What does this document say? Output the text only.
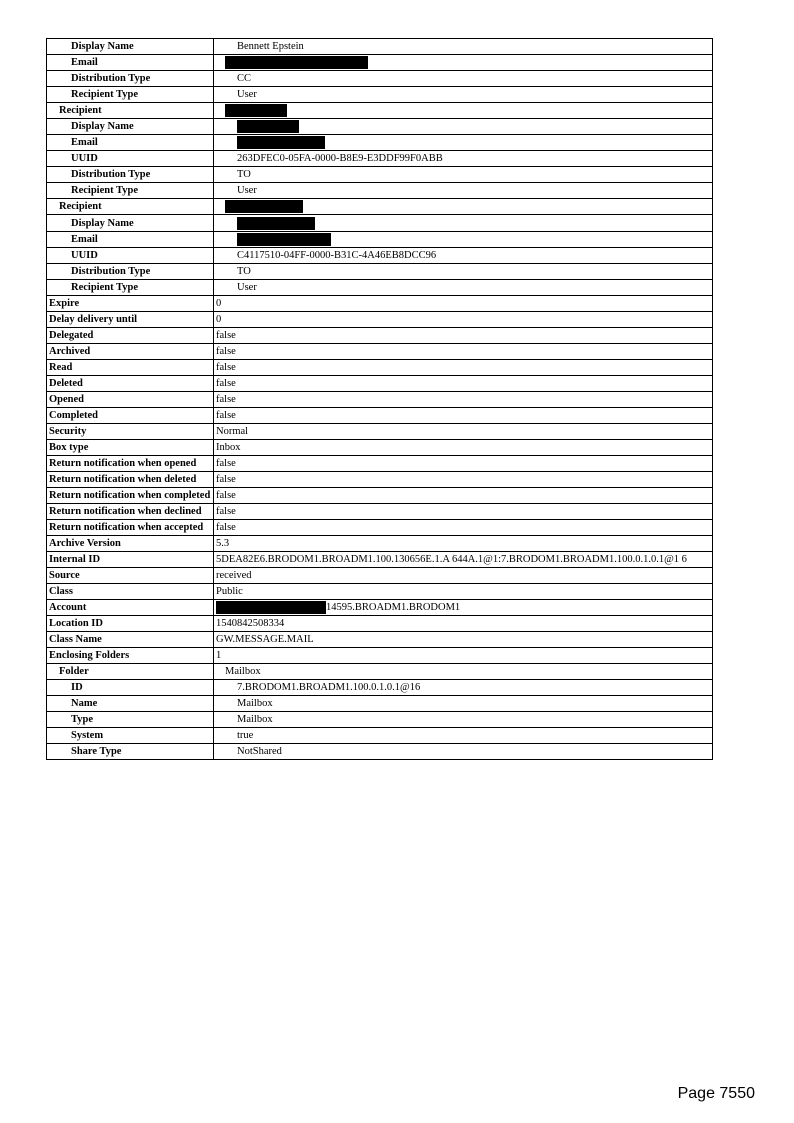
Display Name	Bennett Epstein
Email	
Distribution Type	CC
Recipient Type	User
Recipient	
Display Name	
Email	
UUID	263DFEC0-05FA-0000-B8E9-E3DDF99F0ABB
Distribution Type	TO
Recipient Type	User
Recipient	
Display Name	
Email	
UUID	C4117510-04FF-0000-B31C-4A46EB8DCC96
Distribution Type	TO
Recipient Type	User
Expire	0
Delay delivery until	0
Delegated	false
Archived	false
Read	false
Deleted	false
Opened	false
Completed	false
Security	Normal
Box type	Inbox
Return notification when opened	false
Return notification when deleted	false
Return notification when completed	false
Return notification when declined	false
Return notification when accepted	false
Archive Version	5.3
Internal ID	5DEA82E6.BRODOM1.BROADM1.100.130656E.1.A 644A.1@1:7.BRODOM1.BROADM1.100.0.1.0.1@1 6
Source	received
Class	Public
Account	14595.BROADM1.BRODOM1
Location ID	1540842508334
Class Name	GW.MESSAGE.MAIL
Enclosing Folders	1
Folder	Mailbox
ID	7.BRODOM1.BROADM1.100.0.1.0.1@16
Name	Mailbox
Type	Mailbox
System	true
Share Type	NotShared
Page 7550
